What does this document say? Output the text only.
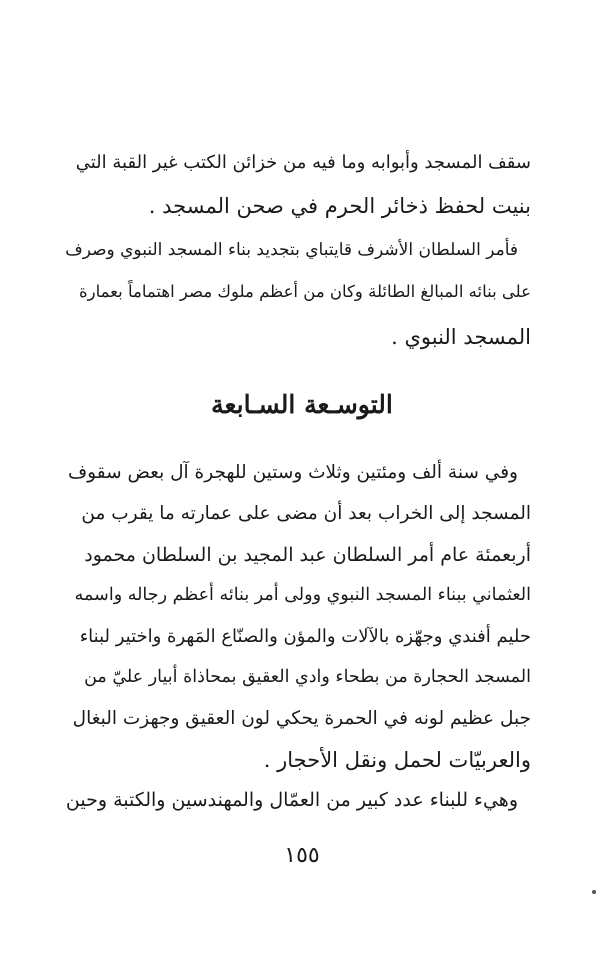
سقف المسجد وأبوابه وما فيه من خزائن الكتب غير القبة التي
بنيت لحفظ ذخائر الحرم في صحن المسجد .
فأمر السلطان الأشرف قايتباي بتجديد بناء المسجد النبوي وصرف
على بنائه المبالغ الطائلة وكان من أعظم ملوك مصر اهتماماً بعمارة
المسجد النبوي .
التوسـعة السـابعة
وفي سنة ألف ومئتين وثلاث وستين للهجرة آل بعض سقوف
المسجد إلى الخراب بعد أن مضى على عمارته ما يقرب من
أربعمئة عام أمر السلطان عبد المجيد بن السلطان محمود
العثماني ببناء المسجد النبوي وولى أمر بنائه أعظم رجاله واسمه
حليم أفندي وجهّزه بالآلات والمؤن والصنّاع المَهرة واختير لبناء
المسجد الحجارة من بطحاء وادي العقيق بمحاذاة أبيار عليّ من
جبل عظيم لونه في الحمرة يحكي لون العقيق وجهزت البغال
والعربيّات لحمل ونقل الأحجار .
وهيء للبناء عدد كبير من العمّال والمهندسين والكتبة وحين
١٥٥
